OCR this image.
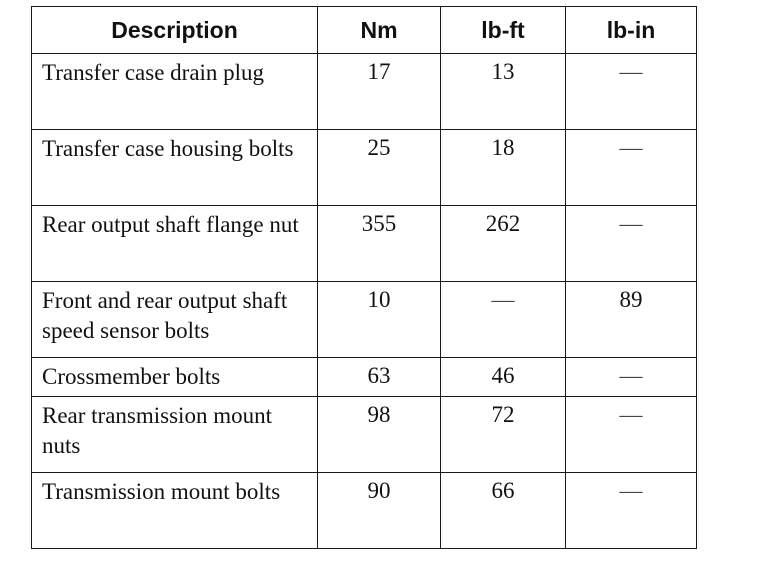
Description	Nm	lb-ft	lb-in
Transfer case drain plug	17	13	—
Transfer case housing bolts	25	18	—
Rear output shaft flange nut	355	262	—
Front and rear output shaft speed sensor bolts	10	—	89
Crossmember bolts	63	46	—
Rear transmission mount nuts	98	72	—
Transmission mount bolts	90	66	—
